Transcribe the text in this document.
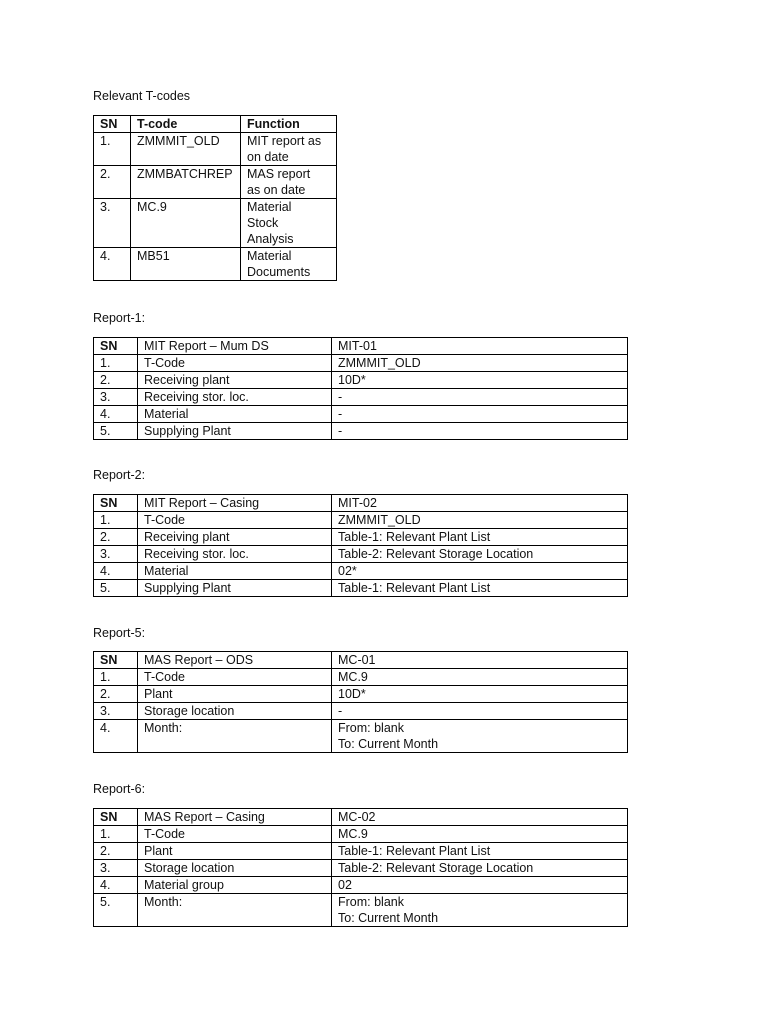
Relevant T-codes
SN	T-code	Function
1.	ZMMMIT_OLD	MIT report as
on date

2.	ZMMBATCHREP	MAS report
as on date

3.	MC.9	Material
Stock
Analysis

4.	MB51	Material
Documents
Report-1:
SN	MIT Report – Mum DS	MIT-01
1.	T-Code	ZMMMIT_OLD
2.	Receiving plant	10D*
3.	Receiving stor. loc.	-
4.	Material	-
5.	Supplying Plant	-
Report-2:
SN	MIT Report – Casing	MIT-02
1.	T-Code	ZMMMIT_OLD
2.	Receiving plant	Table-1: Relevant Plant List
3.	Receiving stor. loc.	Table-2: Relevant Storage Location
4.	Material	02*
5.	Supplying Plant	Table-1: Relevant Plant List
Report-5:
SN	MAS Report – ODS	MC-01
1.	T-Code	MC.9
2.	Plant	10D*
3.	Storage location	-
4.	Month:	From: blank
To: Current Month
Report-6:
SN	MAS Report – Casing	MC-02
1.	T-Code	MC.9
2.	Plant	Table-1: Relevant Plant List
3.	Storage location	Table-2: Relevant Storage Location
4.	Material group	02
5.	Month:	From: blank
To: Current Month
